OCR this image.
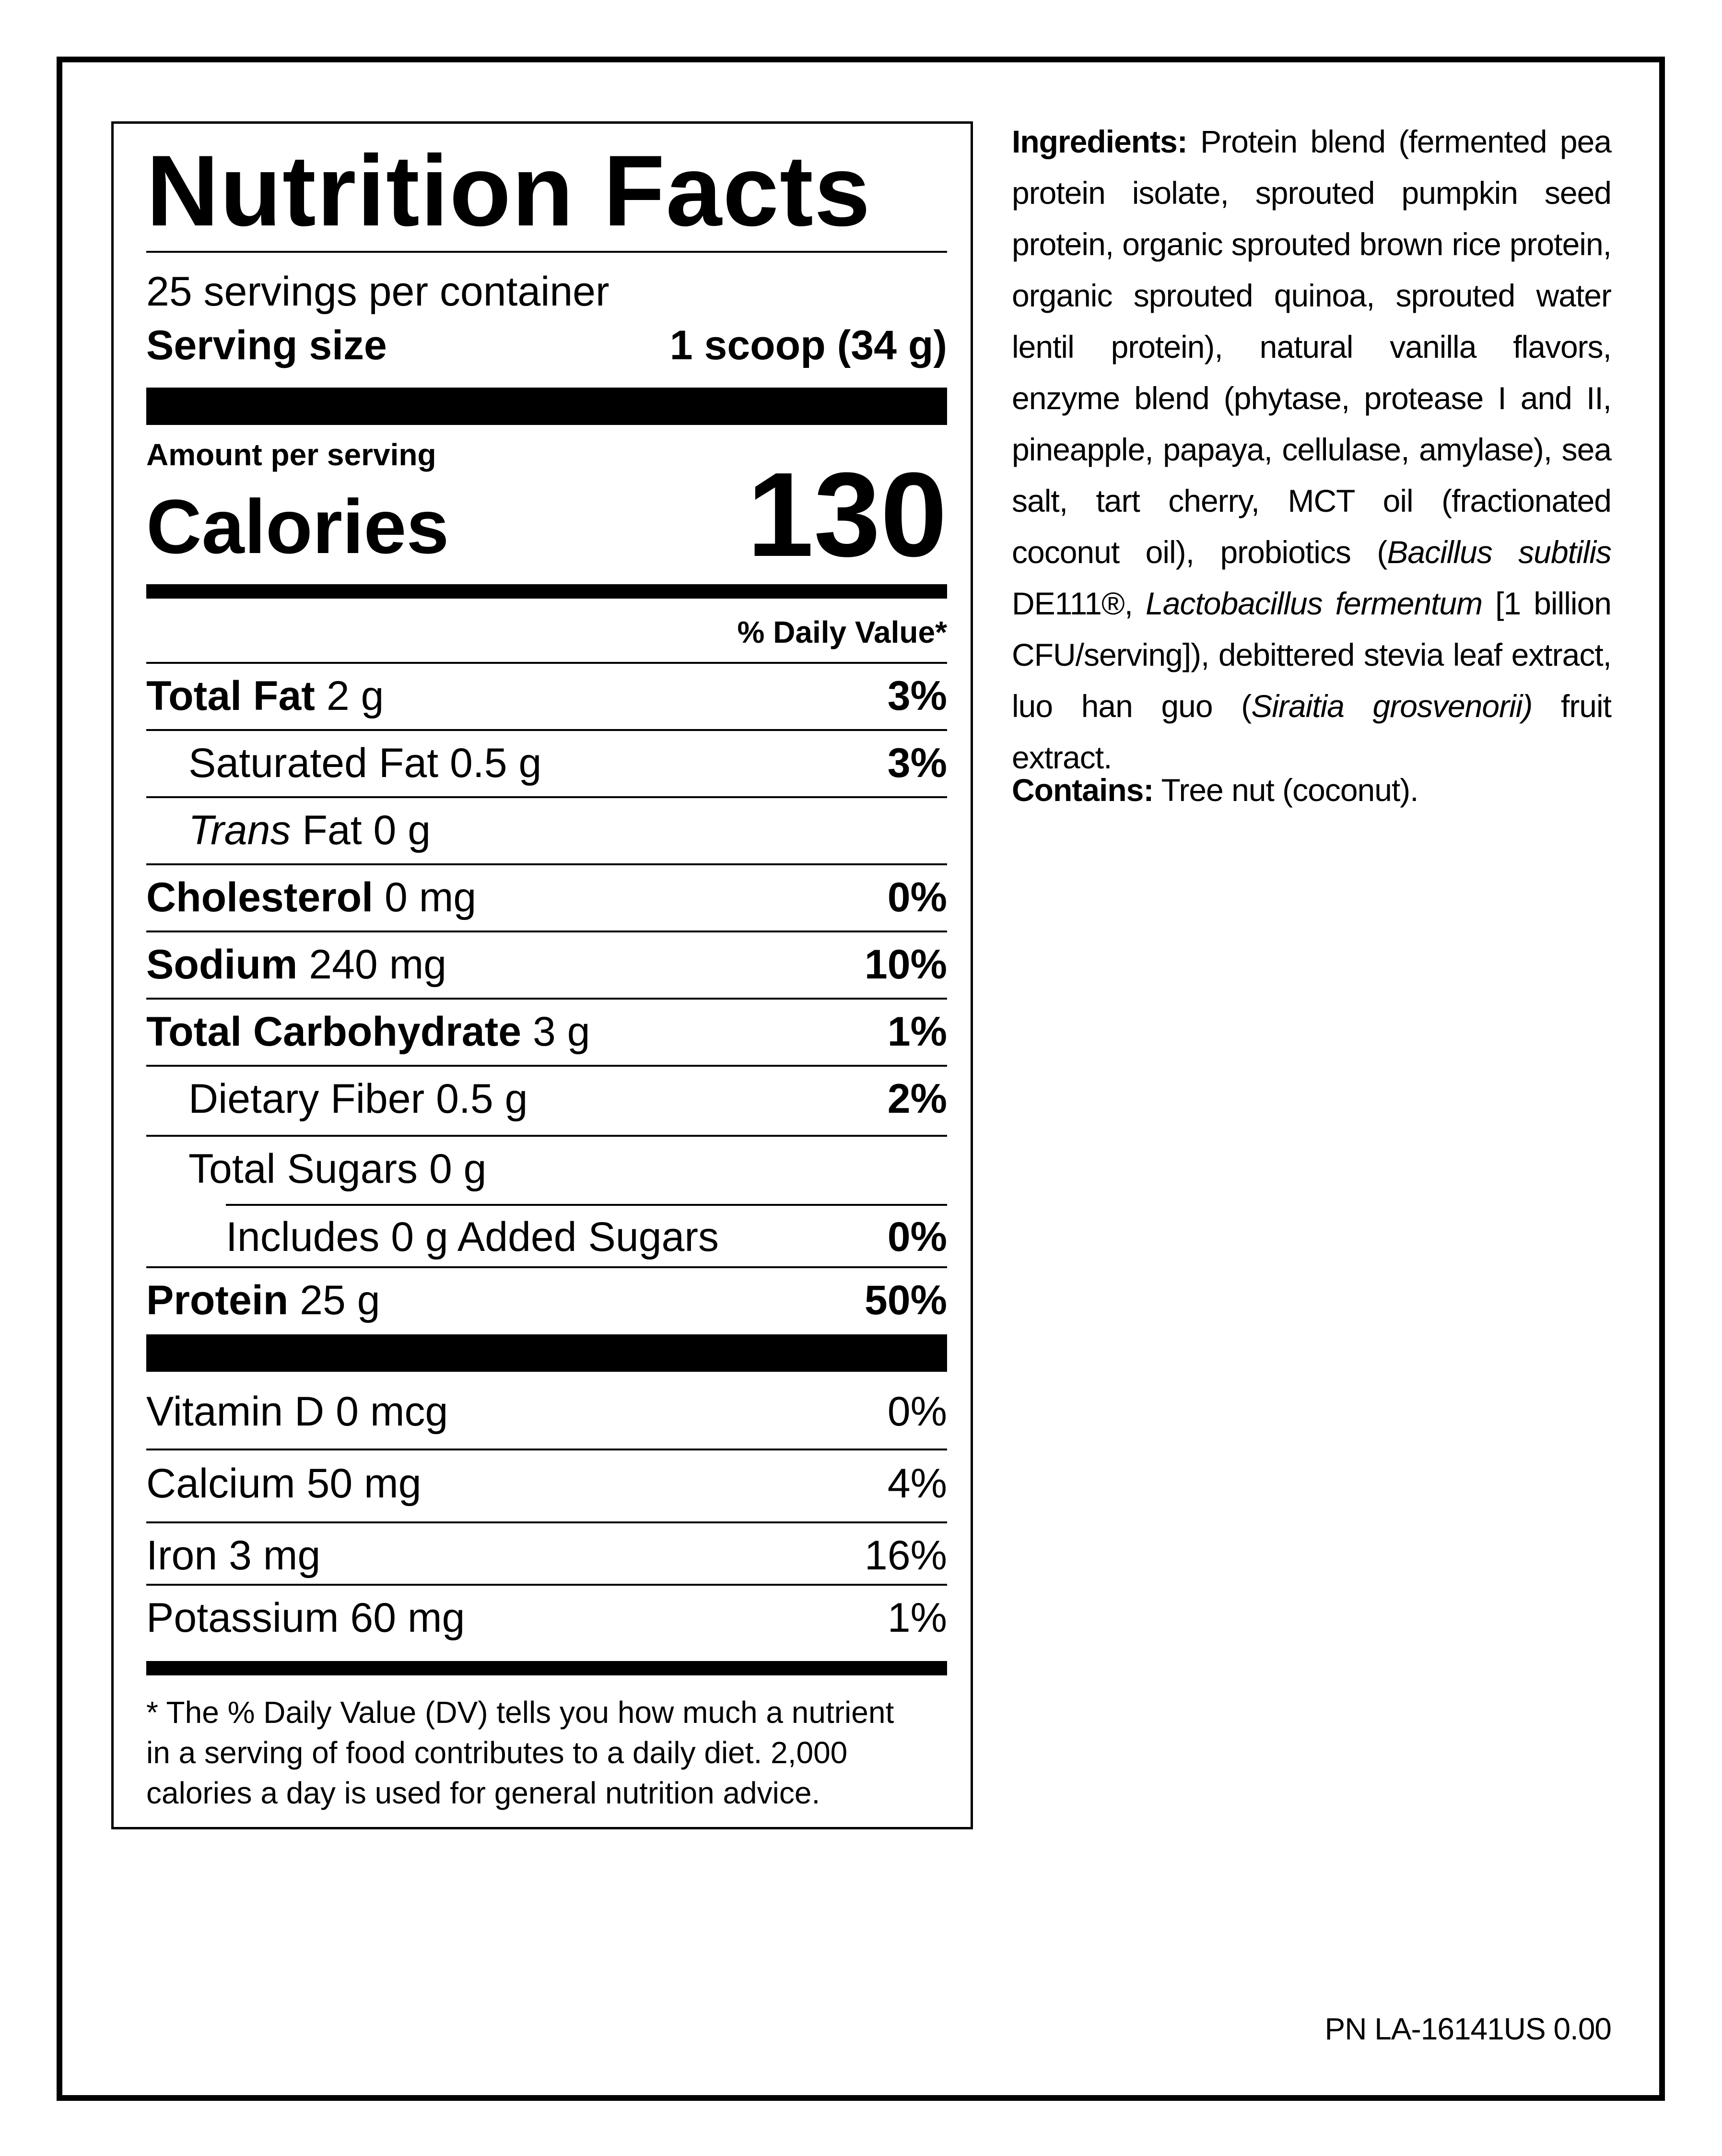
Nutrition Facts
25 servings per container
Serving size	1 scoop (34 g)
Amount per serving
Calories 130
% Daily Value*
Total Fat 2 g	3%
Saturated Fat 0.5 g	3%
Trans Fat 0 g
Cholesterol 0 mg	0%
Sodium 240 mg	10%
Total Carbohydrate 3 g	1%
Dietary Fiber 0.5 g	2%
Total Sugars 0 g
Includes 0 g Added Sugars	0%
Protein 25 g	50%
Vitamin D 0 mcg	0%
Calcium 50 mg	4%
Iron 3 mg	16%
Potassium 60 mg	1%
* The % Daily Value (DV) tells you how much a nutrient
in a serving of food contributes to a daily diet. 2,000
calories a day is used for general nutrition advice.
Ingredients: Protein blend (fermented pea protein isolate, sprouted pumpkin seed protein, organic sprouted brown rice protein, organic sprouted quinoa, sprouted water lentil protein), natural vanilla flavors, enzyme blend (phytase, protease I and II, pineapple, papaya, cellulase, amylase), sea salt, tart cherry, MCT oil (fractionated coconut oil), probiotics (Bacillus subtilis DE111®, Lactobacillus fermentum [1 billion CFU/serving]), debittered stevia leaf extract, luo han guo (Siraitia grosvenorii) fruit extract.
Contains: Tree nut (coconut).
PN LA-16141US 0.00
